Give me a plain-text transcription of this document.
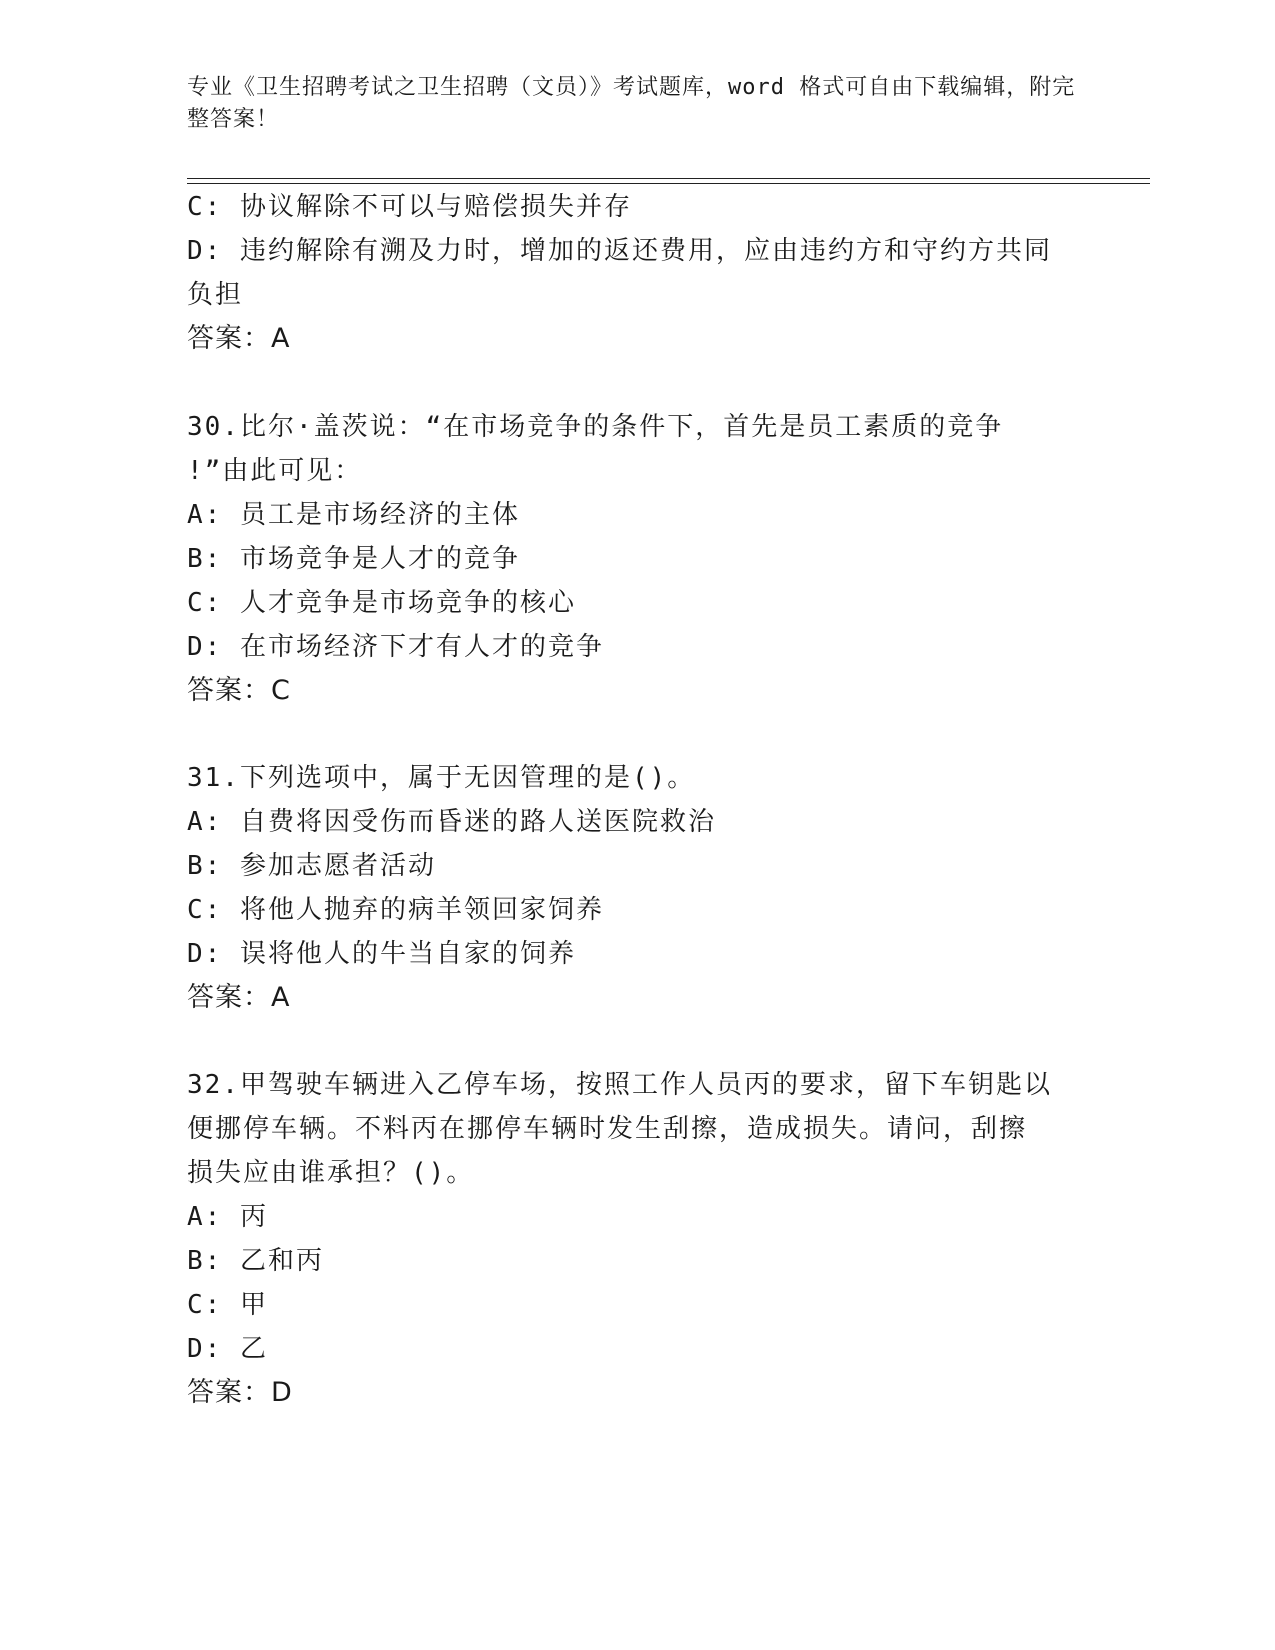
专业《卫生招聘考试之卫生招聘（文员）》考试题库，word 格式可自由下载编辑，附完整答案！
C: 协议解除不可以与赔偿损失并存
D: 违约解除有溯及力时，增加的返还费用，应由违约方和守约方共同
负担
答案：A
30.比尔·盖茨说：“在市场竞争的条件下，首先是员工素质的竞争
!”由此可见：
A: 员工是市场经济的主体
B: 市场竞争是人才的竞争
C: 人才竞争是市场竞争的核心
D: 在市场经济下才有人才的竞争
答案：C
31.下列选项中，属于无因管理的是()。
A: 自费将因受伤而昏迷的路人送医院救治
B: 参加志愿者活动
C: 将他人抛弃的病羊领回家饲养
D: 误将他人的牛当自家的饲养
答案：A
32.甲驾驶车辆进入乙停车场，按照工作人员丙的要求，留下车钥匙以
便挪停车辆。不料丙在挪停车辆时发生刮擦，造成损失。请问，刮擦
损失应由谁承担？()。
A: 丙
B: 乙和丙
C: 甲
D: 乙
答案：D
